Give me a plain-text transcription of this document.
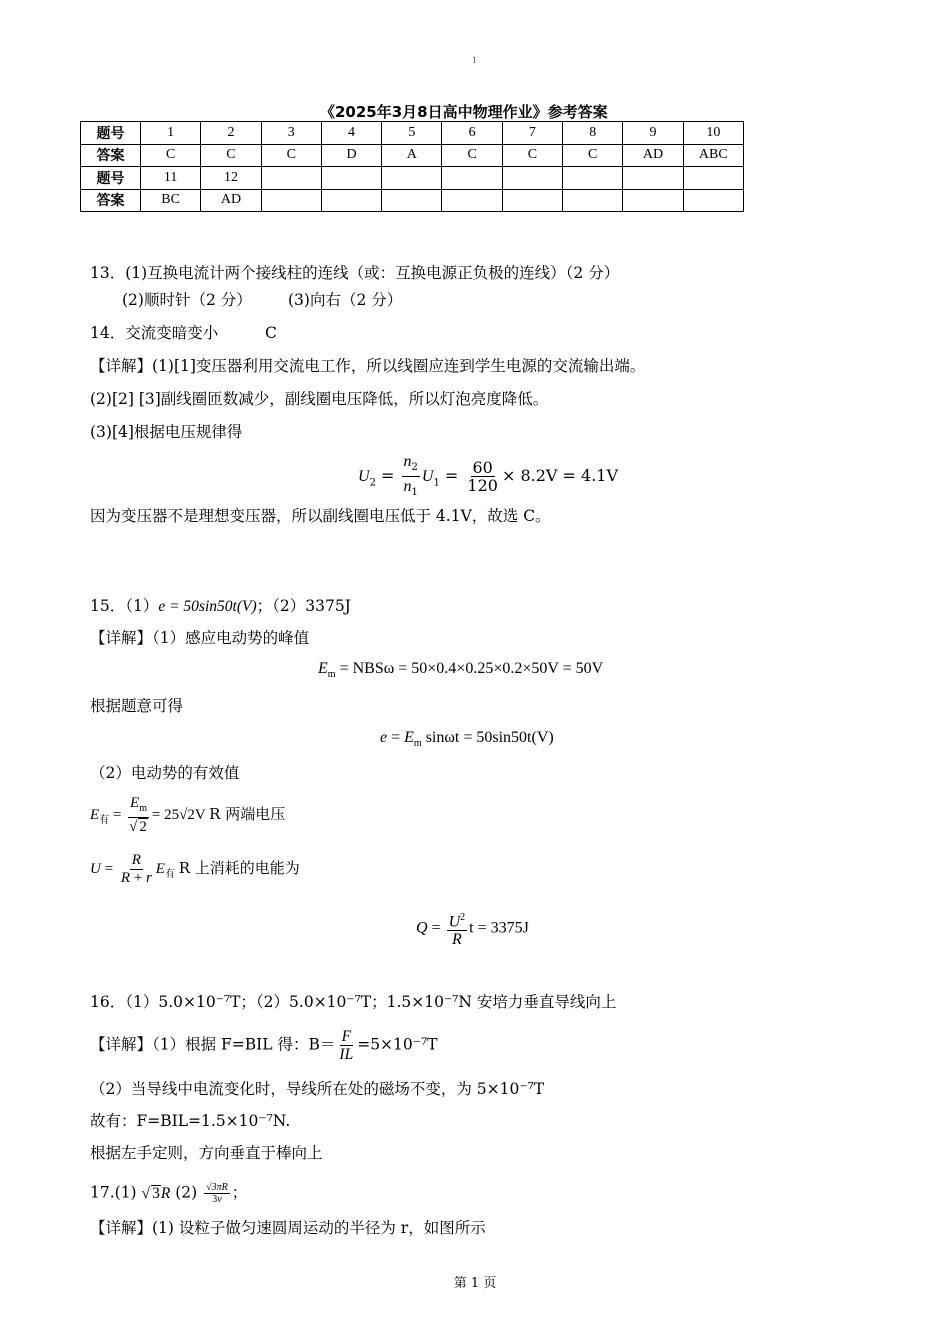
1
《2025年3月8日高中物理作业》参考答案
题号	1	2	3	4	5	6	7	8	9	10
答案	C	C	C	D	A	C	C	C	AD	ABC
题号	11	12								
答案	BC	AD								
13．(1)互换电流计两个接线柱的连线（或：互换电源正负极的连线）（2 分）
(2)顺时针（2 分） (3)向右（2 分）
14．交流变暗变小	C
【详解】(1)[1]变压器利用交流电工作，所以线圈应连到学生电源的交流输出端。
(2)[2] [3]副线圈匝数减少，副线圈电压降低，所以灯泡亮度降低。
(3)[4]根据电压规律得
$U_2 = \frac{n_2}{n_1} U_1 = \frac{60}{120} \times 8.2V = 4.1V$
因为变压器不是理想变压器，所以副线圈电压低于 4.1V，故选 C。
15．（1）e = 50sin50t(V)；（2）3375J
【详解】（1）感应电动势的峰值
$E_m = NBS\omega = 50\times 0.4\times 0.25\times 0.2\times 50V = 50V$
根据题意可得
$e = E_m$ sinωt = 50sin50t(V)
（2）电动势的有效值
$E_有 = \frac{E_m}{√ 2} = 25√2V$ R 两端电压
$U = \frac{R}{R + r} E_有$ R 上消耗的电能为
$Q = \frac{U^2}{R}$ t = 3375J
16．（1）5.0×10⁻⁷T；（2）5.0×10⁻⁷T；1.5×10⁻⁷N 安培力垂直导线向上
【详解】（1）根据 F=BIL 得：$B= \frac{F}{IL} =5\times 10^{-7}T$
（2）当导线中电流变化时，导线所在处的磁场不变，为 5×10⁻⁷T
故有：F=BIL=1.5×10⁻⁷N.
根据左手定则，方向垂直于棒向上
17.(1) √ 3R $(2) \frac{√3\pi R}{3v}$ ；
【详解】(1) 设粒子做匀速圆周运动的半径为 r，如图所示
第 1 页
